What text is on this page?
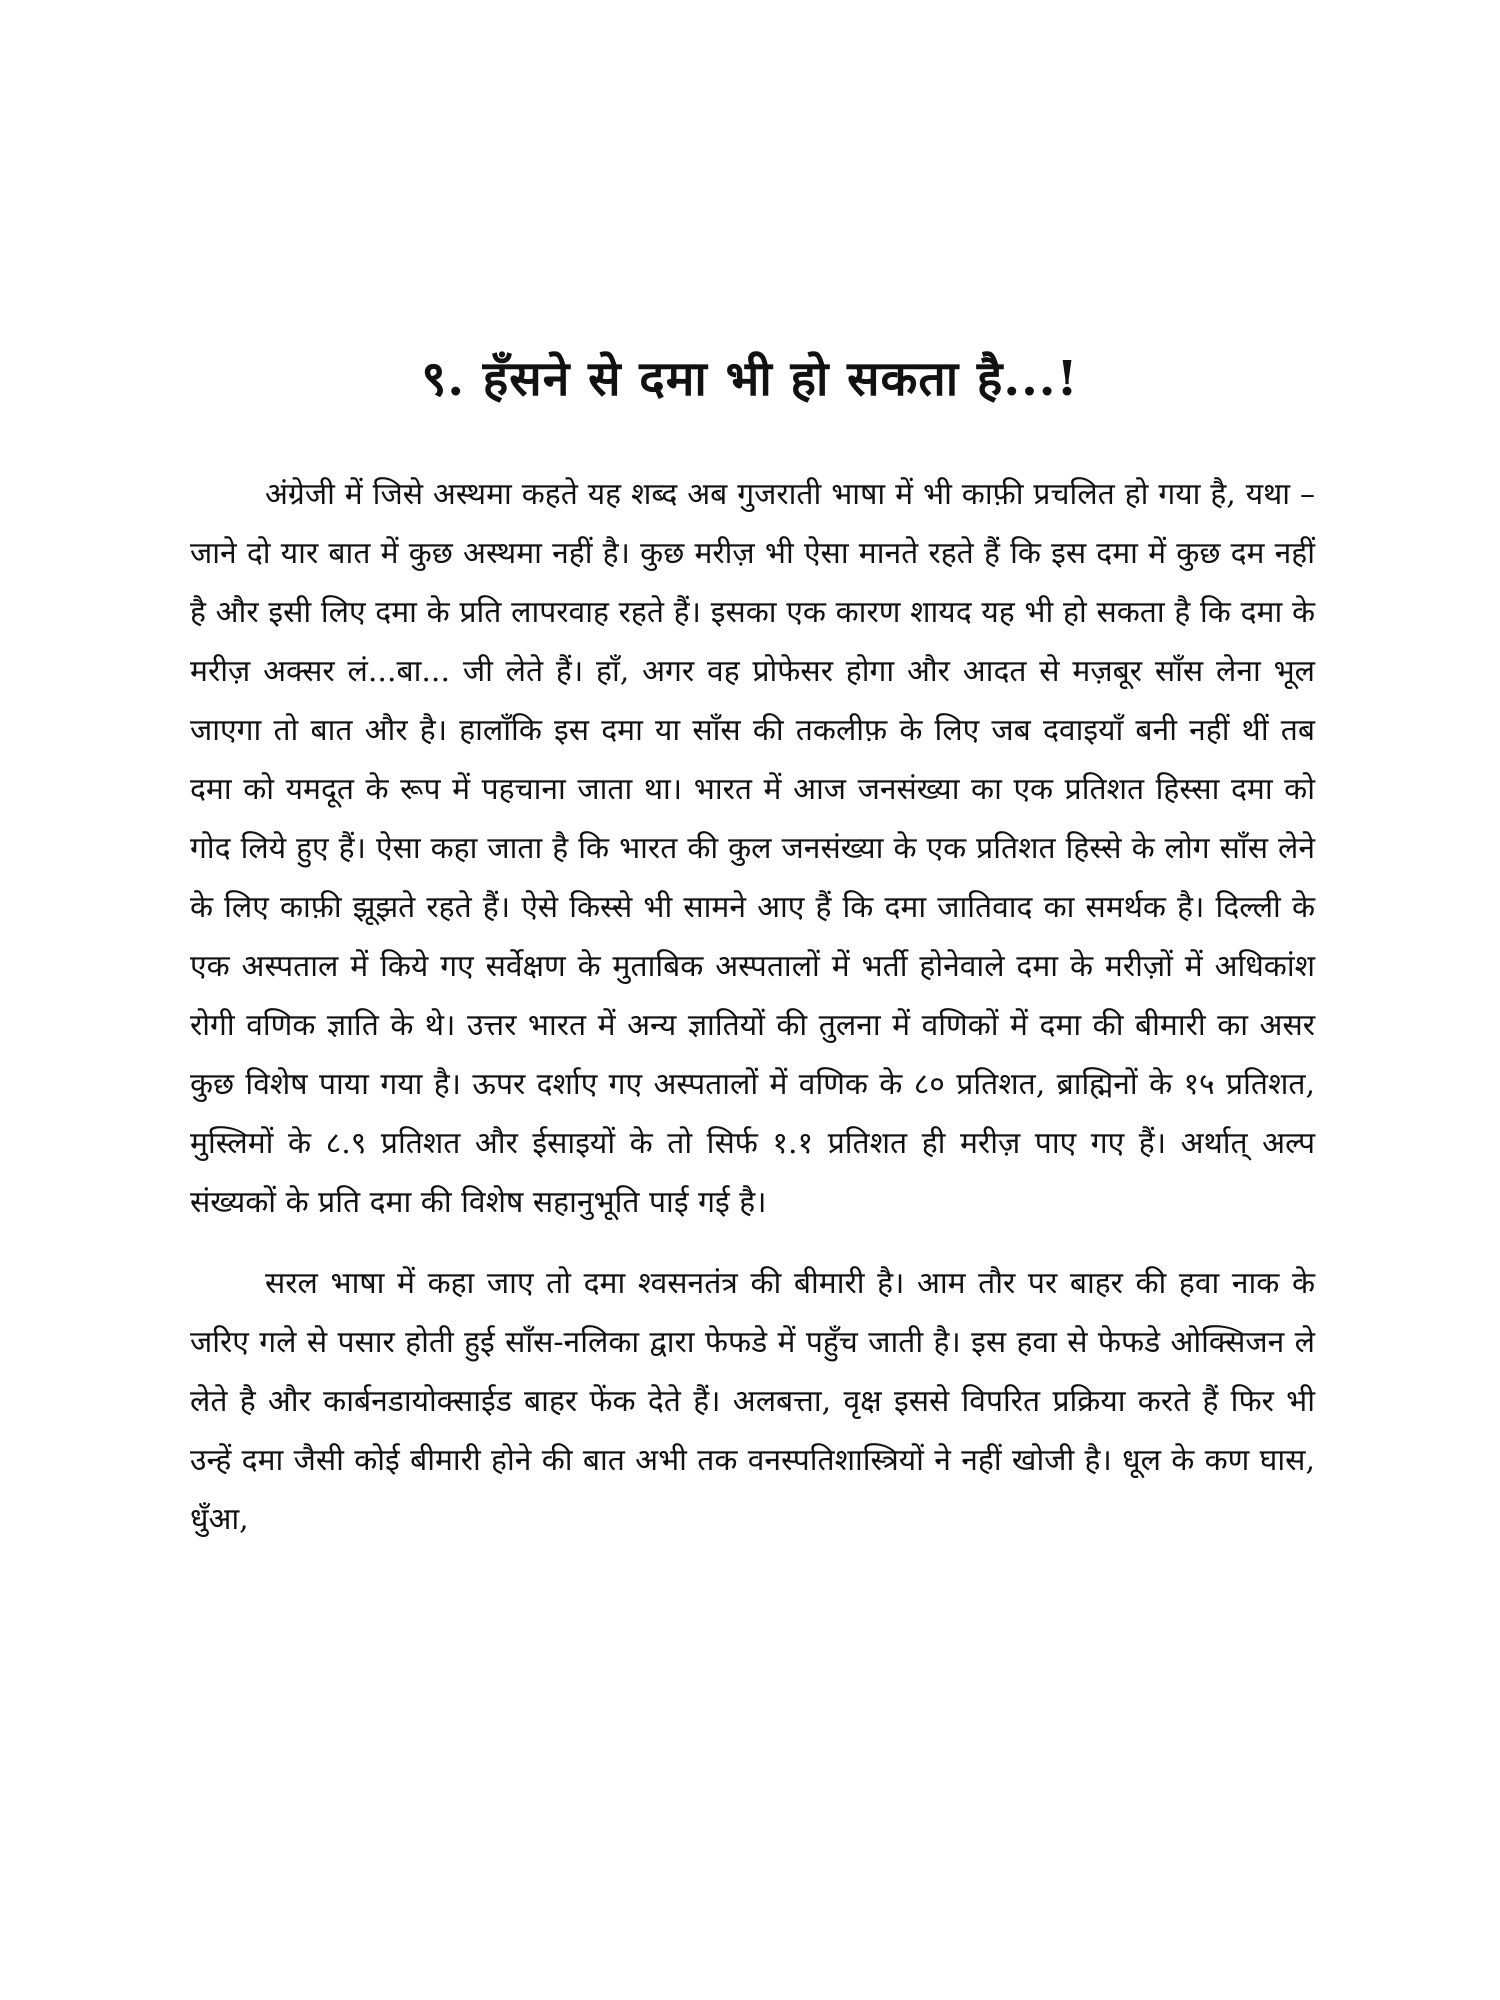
९. हँसने से दमा भी हो सकता है...!

अंग्रेजी में जिसे अस्थमा कहते यह शब्द अब गुजराती भाषा में भी काफ़ी प्रचलित हो गया है, यथा – जाने दो यार बात में कुछ अस्थमा नहीं है। कुछ मरीज़ भी ऐसा मानते रहते हैं कि इस दमा में कुछ दम नहीं है और इसी लिए दमा के प्रति लापरवाह रहते हैं। इसका एक कारण शायद यह भी हो सकता है कि दमा के मरीज़ अक्सर लं...बा... जी लेते हैं। हाँ, अगर वह प्रोफेसर होगा और आदत से मज़बूर साँस लेना भूल जाएगा तो बात और है। हालाँकि इस दमा या साँस की तकलीफ़ के लिए जब दवाइयाँ बनी नहीं थीं तब दमा को यमदूत के रूप में पहचाना जाता था। भारत में आज जनसंख्या का एक प्रतिशत हिस्सा दमा को गोद लिये हुए हैं। ऐसा कहा जाता है कि भारत की कुल जनसंख्या के एक प्रतिशत हिस्से के लोग साँस लेने के लिए काफ़ी झूझते रहते हैं। ऐसे किस्से भी सामने आए हैं कि दमा जातिवाद का समर्थक है। दिल्ली के एक अस्पताल में किये गए सर्वेक्षण के मुताबिक अस्पतालों में भर्ती होनेवाले दमा के मरीज़ों में अधिकांश रोगी वणिक ज्ञाति के थे। उत्तर भारत में अन्य ज्ञातियों की तुलना में वणिकों में दमा की बीमारी का असर कुछ विशेष पाया गया है। ऊपर दर्शाए गए अस्पतालों में वणिक के ८० प्रतिशत, ब्राह्मिनों के १५ प्रतिशत, मुस्लिमों के ८.९ प्रतिशत और ईसाइयों के तो सिर्फ १.१ प्रतिशत ही मरीज़ पाए गए हैं। अर्थात् अल्प संख्यकों के प्रति दमा की विशेष सहानुभूति पाई गई है।

सरल भाषा में कहा जाए तो दमा श्वसनतंत्र की बीमारी है। आम तौर पर बाहर की हवा नाक के जरिए गले से पसार होती हुई साँस-नलिका द्वारा फेफडे में पहुँच जाती है। इस हवा से फेफडे ओक्सिजन ले लेते है और कार्बनडायोक्साईड बाहर फेंक देते हैं। अलबत्ता, वृक्ष इससे विपरित प्रक्रिया करते हैं फिर भी उन्हें दमा जैसी कोई बीमारी होने की बात अभी तक वनस्पतिशास्त्रियों ने नहीं खोजी है। धूल के कण घास, धुँआ,
